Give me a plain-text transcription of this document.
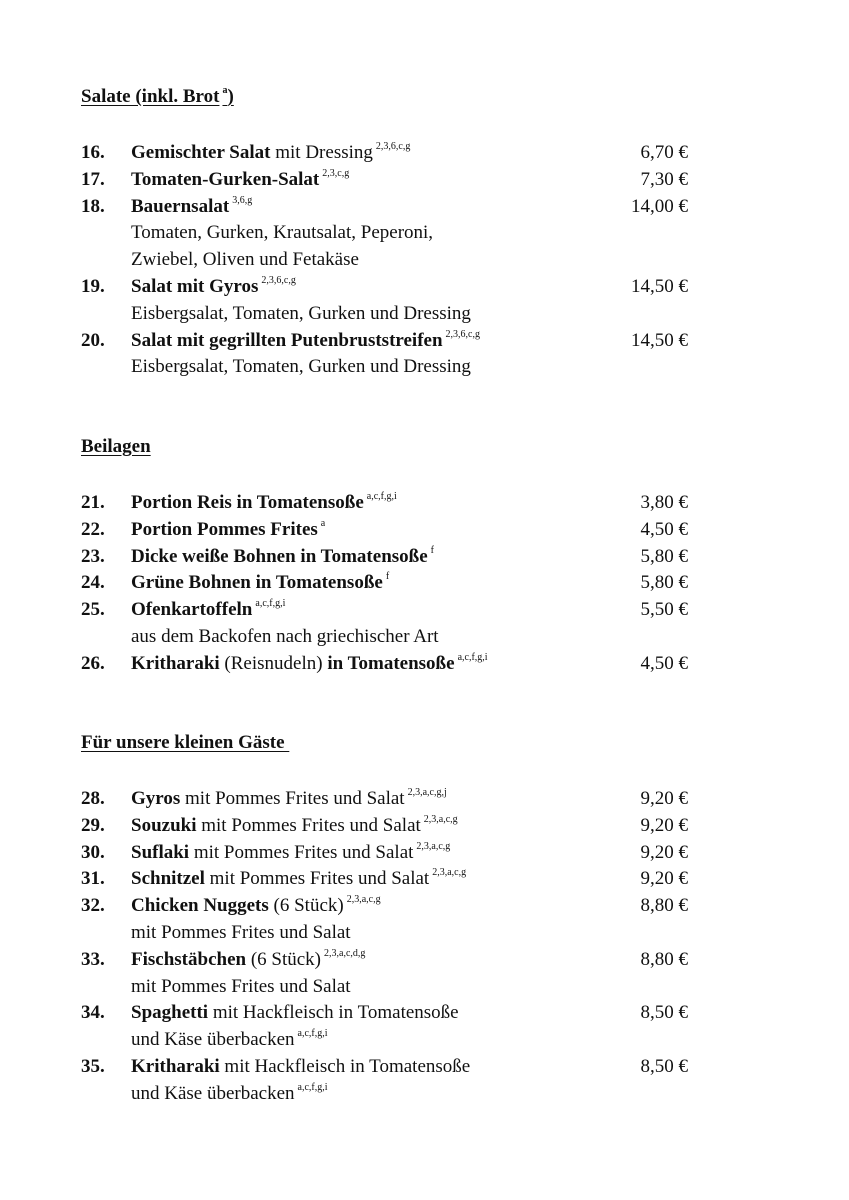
Salate (inkl. Brot $^a$)
16. Gemischter Salat mit Dressing $^{2,3,6,c,g}$	6,70 €
17. Tomaten-Gurken-Salat $^{2,3,c,g}$	7,30 €
18. Bauernsalat $^{3,6,g}$	14,00 €
Tomaten, Gurken, Krautsalat, Peperoni,
Zwiebel, Oliven und Fetakäse
19. Salat mit Gyros $^{2,3,6,c,g}$	14,50 €
Eisbergsalat, Tomaten, Gurken und Dressing
20. Salat mit gegrillten Putenbruststreifen $^{2,3,6,c,g}$	14,50 €
Eisbergsalat, Tomaten, Gurken und Dressing
Beilagen
21. Portion Reis in Tomatensoße $^{a,c,f,g,i}$	3,80 €
22. Portion Pommes Frites $^a$	4,50 €
23. Dicke weiße Bohnen in Tomatensoße $^f$	5,80 €
24. Grüne Bohnen in Tomatensoße $^f$	5,80 €
25. Ofenkartoffeln $^{a,c,f,g,i}$	5,50 €
aus dem Backofen nach griechischer Art
26. Kritharaki (Reisnudeln) in Tomatensoße $^{a,c,f,g,i}$	4,50 €
Für unsere kleinen Gäste
28. Gyros mit Pommes Frites und Salat $^{2,3,a,c,g,j}$	9,20 €
29. Souzuki mit Pommes Frites und Salat $^{2,3,a,c,g}$	9,20 €
30. Suflaki mit Pommes Frites und Salat $^{2,3,a,c,g}$	9,20 €
31. Schnitzel mit Pommes Frites und Salat $^{2,3,a,c,g}$	9,20 €
32. Chicken Nuggets (6 Stück) $^{2,3,a,c,g}$	8,80 €
mit Pommes Frites und Salat
33. Fischstäbchen (6 Stück) $^{2,3,a,c,d,g}$	8,80 €
mit Pommes Frites und Salat
34. Spaghetti mit Hackfleisch in Tomatensoße	8,50 €
und Käse überbacken $^{a,c,f,g,i}$
35. Kritharaki mit Hackfleisch in Tomatensoße	8,50 €
und Käse überbacken $^{a,c,f,g,i}$
